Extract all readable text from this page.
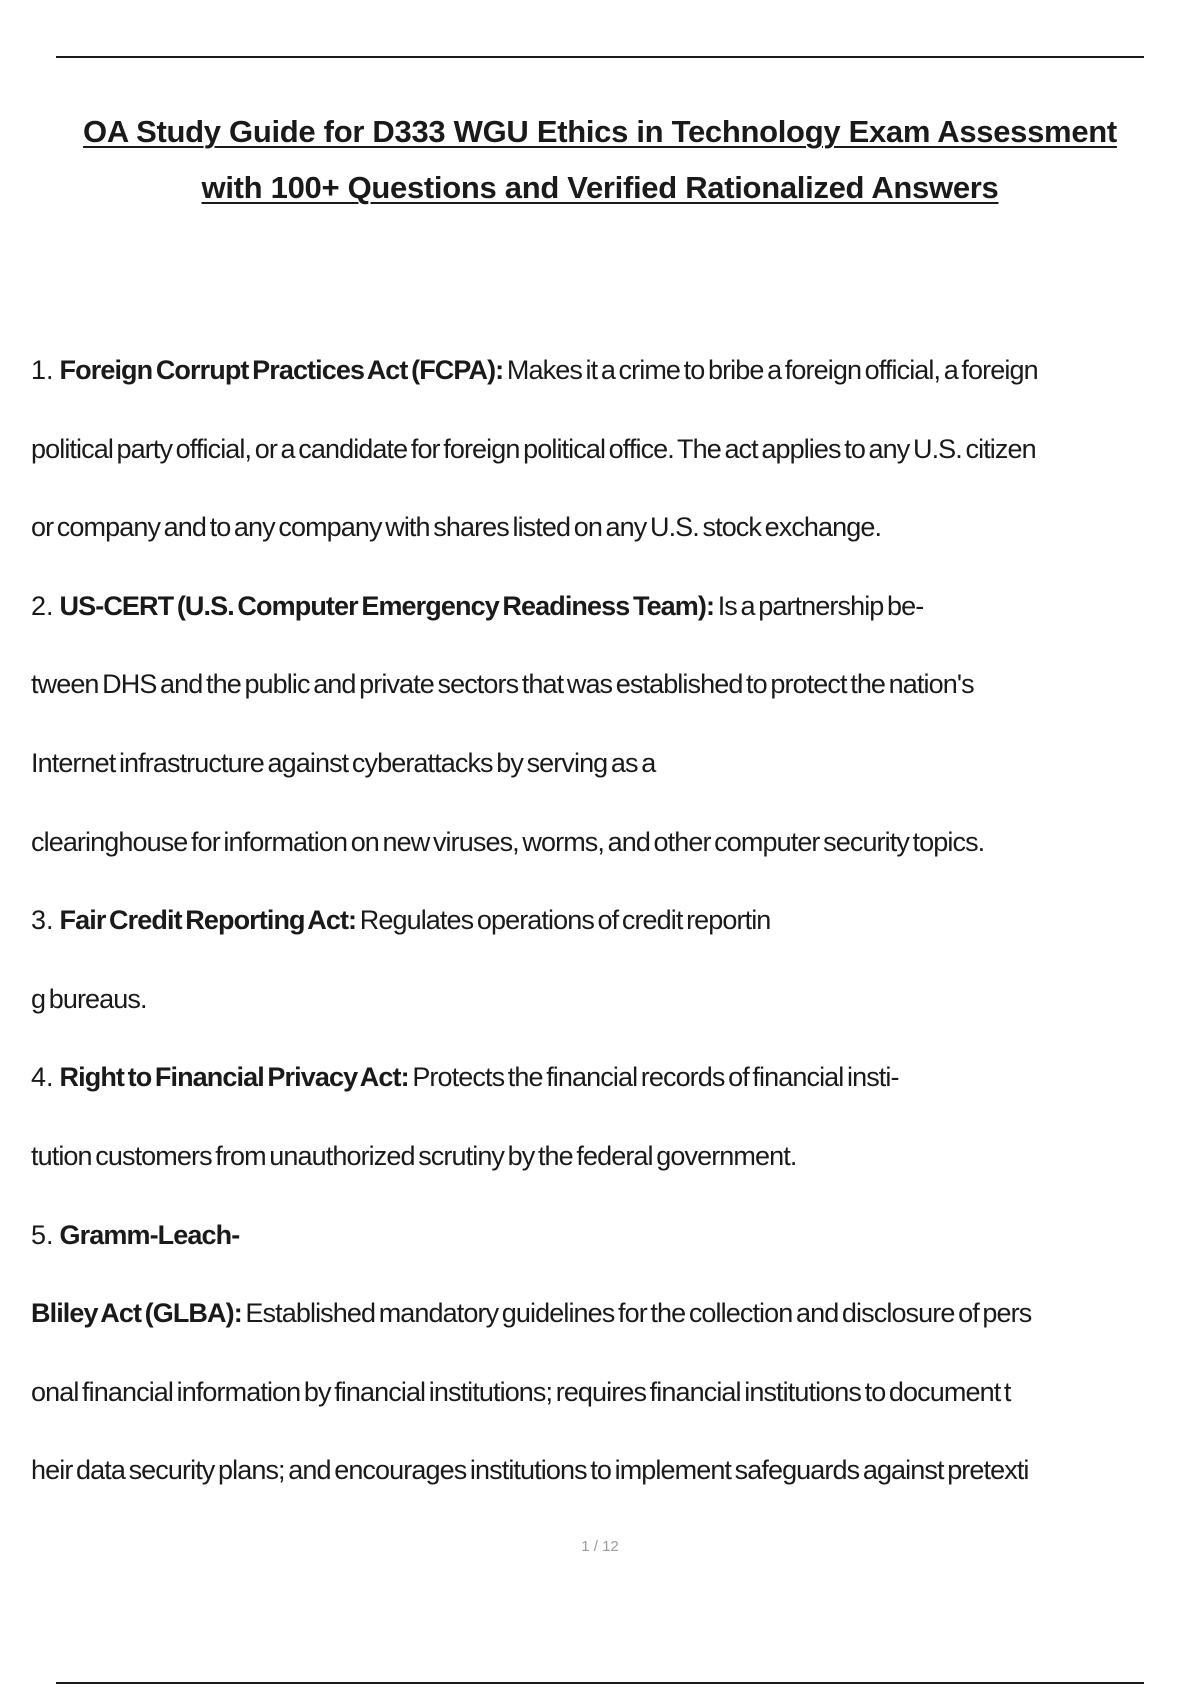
OA Study Guide for D333 WGU Ethics in Technology Exam Assessment
with 100+ Questions and Verified Rationalized Answers
1. Foreign Corrupt Practices Act (FCPA): Makes it a crime to bribe a foreign official, a foreign
political party official, or a candidate for foreign political office. The act applies to any U.S. citizen
or company and to any company with shares listed on any U.S. stock exchange.
2. US-CERT (U.S. Computer Emergency Readiness Team): Is a partnership be-
tween DHS and the public and private sectors that was established to protect the nation's
Internet infrastructure against cyberattacks by serving as a
clearinghouse for information on new viruses, worms, and other computer security topics.
3. Fair Credit Reporting Act: Regulates operations of credit reportin
g bureaus.
4. Right to Financial Privacy Act: Protects the financial records of financial insti-
tution customers from unauthorized scrutiny by the federal government.
5. Gramm-Leach-
Bliley Act (GLBA): Established mandatory guidelines for the collection and disclosure of pers
onal financial information by financial institutions; requires financial institutions to document t
heir data security plans; and encourages institutions to implement safeguards against pretexti
1 / 12
